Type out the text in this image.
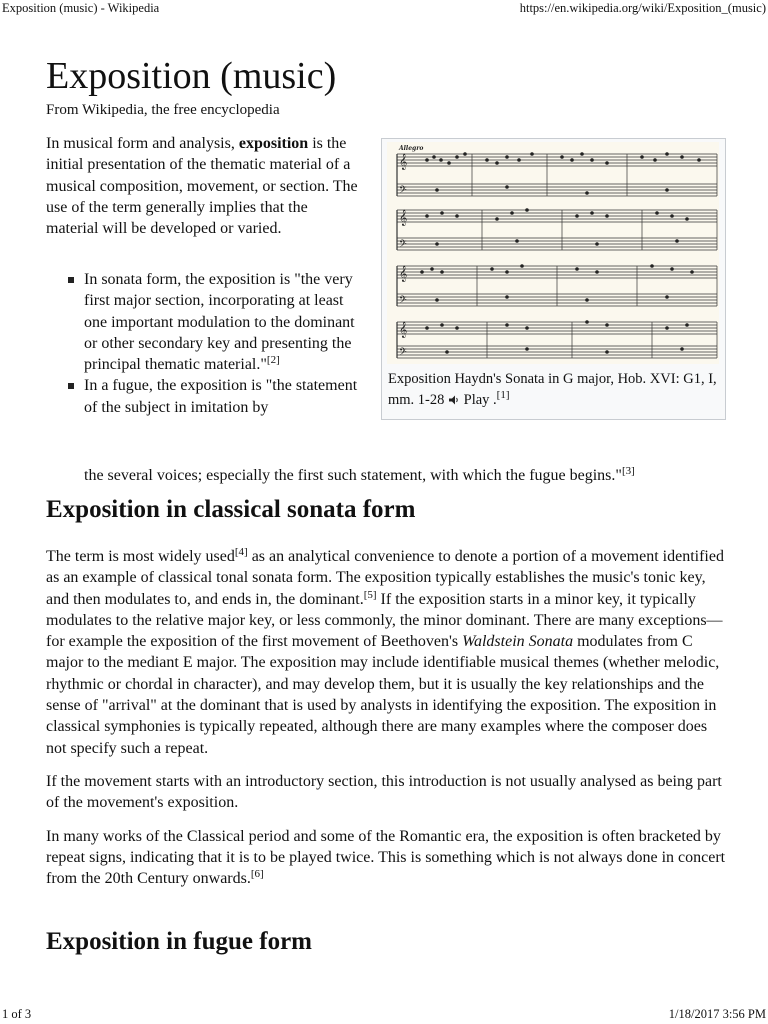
Exposition (music) - Wikipedia	https://en.wikipedia.org/wiki/Exposition_(music)
Exposition (music)
From Wikipedia, the free encyclopedia

In musical form and analysis, exposition is the initial presentation of the thematic material of a musical composition, movement, or section. The use of the term generally implies that the material will be developed or varied.

In sonata form, the exposition is "the very first major section, incorporating at least one important modulation to the dominant or other secondary key and presenting the principal thematic material."[2]
In a fugue, the exposition is "the statement of the subject in imitation by
𝄞
𝄢
𝄞
𝄢
𝄞
𝄢
𝄞
𝄢
Allegro
Exposition Haydn's Sonata in G major, Hob. XVI: G1, I, mm. 1-28  Play .[1]
the several voices; especially the first such statement, with which the fugue begins."[3]
Exposition in classical sonata form

The term is most widely used[4] as an analytical convenience to denote a portion of a movement identified as an example of classical tonal sonata form. The exposition typically establishes the music's tonic key, and then modulates to, and ends in, the dominant.[5] If the exposition starts in a minor key, it typically modulates to the relative major key, or less commonly, the minor dominant. There are many exceptions—for example the exposition of the first movement of Beethoven's Waldstein Sonata modulates from C major to the mediant E major. The exposition may include identifiable musical themes (whether melodic, rhythmic or chordal in character), and may develop them, but it is usually the key relationships and the sense of "arrival" at the dominant that is used by analysts in identifying the exposition. The exposition in classical symphonies is typically repeated, although there are many examples where the composer does not specify such a repeat.

If the movement starts with an introductory section, this introduction is not usually analysed as being part of the movement's exposition.

In many works of the Classical period and some of the Romantic era, the exposition is often bracketed by repeat signs, indicating that it is to be played twice. This is something which is not always done in concert from the 20th Century onwards.[6]

Exposition in fugue form
1 of 3	1/18/2017 3:56 PM
